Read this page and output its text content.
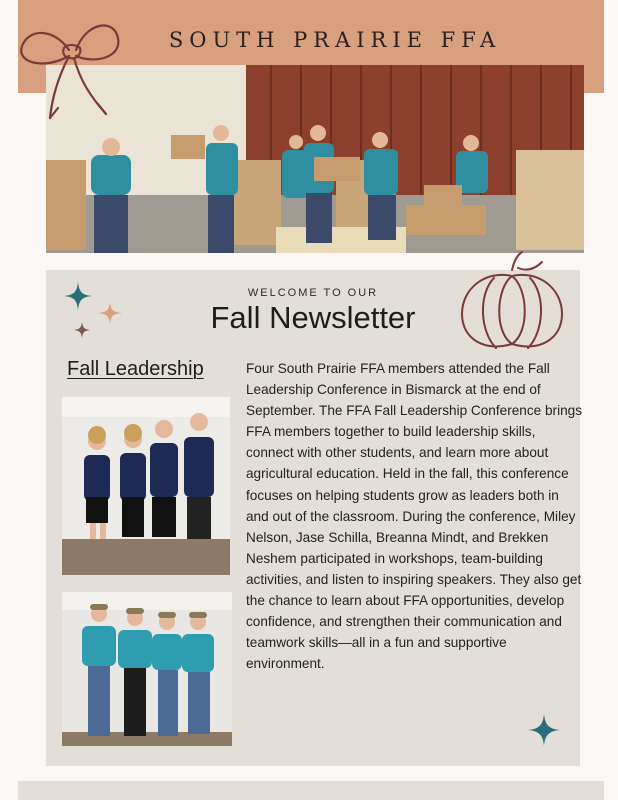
SOUTH PRAIRIE FFA
WELCOME TO OUR
Fall Newsletter
Fall Leadership	Four South Prairie FFA members attended the Fall Leadership Conference in Bismarck at the end of September. The FFA Fall Leadership Conference brings FFA members together to build leadership skills, connect with other students, and learn more about agricultural education. Held in the fall, this conference focuses on helping students grow as leaders both in and out of the classroom. During the conference, Miley Nelson, Jase Schilla, Breanna Mindt, and Brekken Neshem participated in workshops, team-building activities, and listen to inspiring speakers. They also get the chance to learn about FFA opportunities, develop confidence, and strengthen their communication and teamwork skills—all in a fun and supportive environment.
